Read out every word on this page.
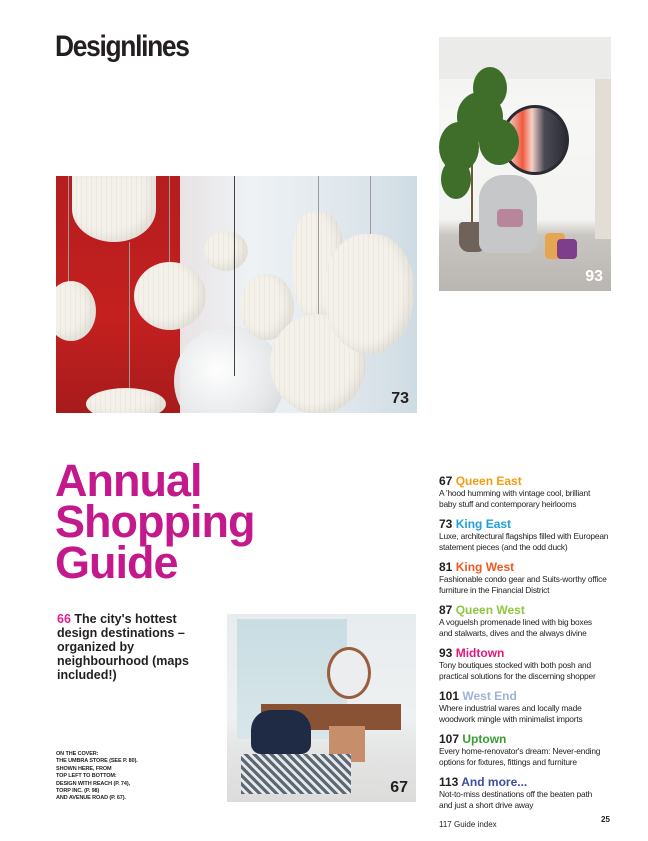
Designlines
73
93
Annual
Shopping
Guide
66 The city's hottest design destinations – organized by neighbourhood (maps included!)
ON THE COVER:
THE UMBRA STORE (SEE P. 80).
SHOWN HERE, FROM
TOP LEFT TO BOTTOM:
DESIGN WITH REACH (P. 74),
TORP INC. (P. 98)
AND AVENUE ROAD (P. 67).
67
67 Queen East
A 'hood humming with vintage cool, brilliant
baby stuff and contemporary heirlooms
73 King East
Luxe, architectural flagships filled with European
statement pieces (and the odd duck)
81 King West
Fashionable condo gear and Suits-worthy office
furniture in the Financial District
87 Queen West
A voguelsh promenade lined with big boxes
and stalwarts, dives and the always divine
93 Midtown
Tony boutiques stocked with both posh and
practical solutions for the discerning shopper
101 West End
Where industrial wares and locally made
woodwork mingle with minimalist imports
107 Uptown
Every home-renovator's dream: Never-ending
options for fixtures, fittings and furniture
113 And more...
Not-to-miss destinations off the beaten path
and just a short drive away
117 Guide index
25
